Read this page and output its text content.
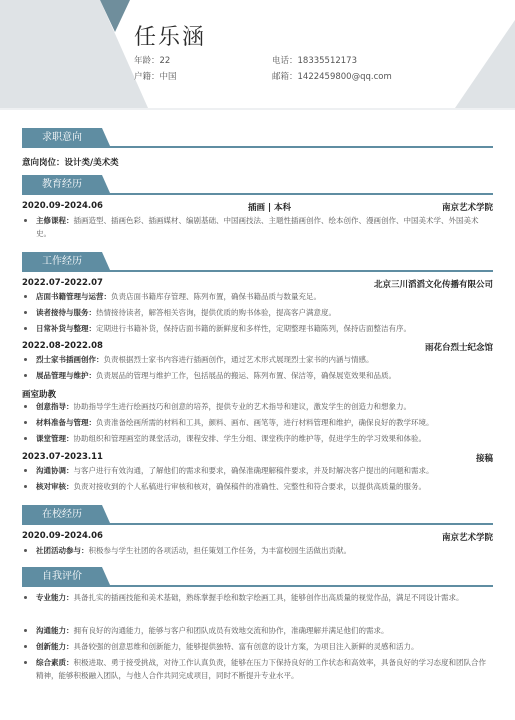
任乐涵
年龄：22
户籍：中国
电话：18335512173
邮箱：1422459800@qq.com
求职意向
意向岗位：设计类/美术类
教育经历
2020.09-2024.06	插画 | 本科	南京艺术学院
主修课程：插画造型、插画色彩、插画媒材、编剧基础、中国画技法、主题性插画创作、绘本创作、漫画创作、中国美术学、外国美术史。
工作经历
2022.07-2022.07	北京三川滔滔文化传播有限公司
店面书籍管理与运营：负责店面书籍库存管理、陈列布置，确保书籍品质与数量充足。
读者接待与服务：热情接待读者，解答相关咨询，提供优质的购书体验，提高客户满意度。
日常补货与整理：定期进行书籍补货，保持店面书籍的新鲜度和多样性，定期整理书籍陈列，保持店面整洁有序。
2022.08-2022.08	雨花台烈士纪念馆
烈士家书插画创作：负责根据烈士家书内容进行插画创作，通过艺术形式展现烈士家书的内涵与情感。
展品管理与维护：负责展品的管理与维护工作，包括展品的搬运、陈列布置、保洁等，确保展览效果和品质。
画室助教
创意指导：协助指导学生进行绘画技巧和创意的培养，提供专业的艺术指导和建议，激发学生的创造力和想象力。
材料准备与管理：负责准备绘画所需的材料和工具，颜料、画布、画笔等，进行材料管理和维护，确保良好的教学环境。
课堂管理：协助组织和管理画室的课堂活动，课程安排、学生分组、课堂秩序的维护等，促进学生的学习效果和体验。
2023.07-2023.11	接稿
沟通协调：与客户进行有效沟通，了解他们的需求和要求，确保准确理解稿件要求，并及时解决客户提出的问题和需求。
核对审核：负责对接收到的个人私稿进行审核和核对，确保稿件的准确性、完整性和符合要求，以提供高质量的服务。
在校经历
2020.09-2024.06	南京艺术学院
社团活动参与：积极参与学生社团的各项活动，担任策划工作任务，为丰富校园生活做出贡献。
自我评价
专业能力：具备扎实的插画技能和美术基础，熟练掌握手绘和数字绘画工具，能够创作出高质量的视觉作品，满足不同设计需求。
沟通能力：拥有良好的沟通能力，能够与客户和团队成员有效地交流和协作，准确理解并满足他们的需求。
创新能力：具备较强的创意思维和创新能力，能够提供独特、富有创意的设计方案，为项目注入新鲜的灵感和活力。
综合素质：积极进取、勇于接受挑战，对待工作认真负责，能够在压力下保持良好的工作状态和高效率，具备良好的学习态度和团队合作精神，能够积极融入团队，与他人合作共同完成项目，同时不断提升专业水平。
